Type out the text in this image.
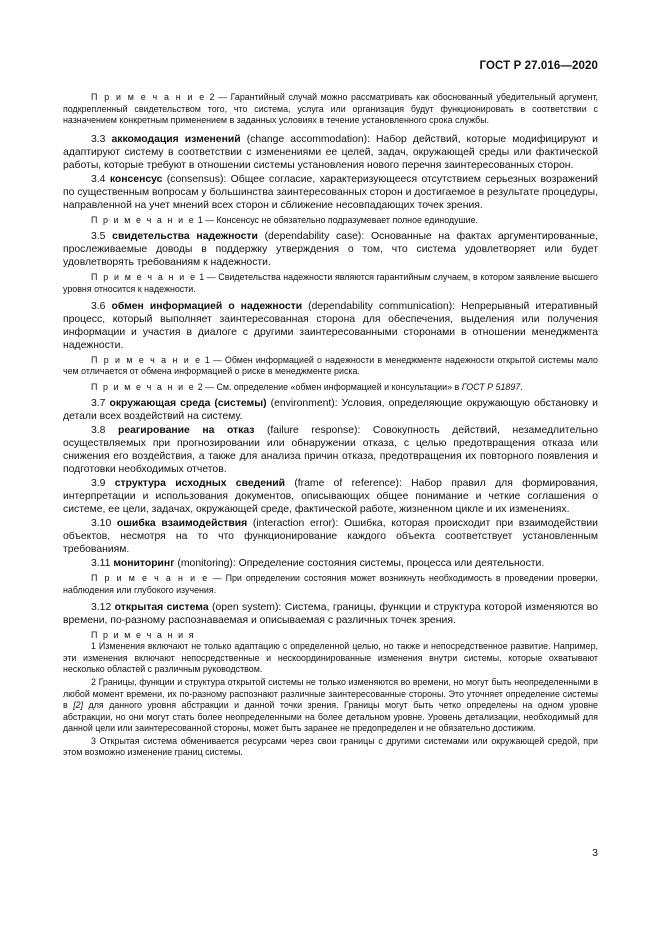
ГОСТ Р 27.016—2020

П р и м е ч а н и е 2 — Гарантийный случай можно рассматривать как обоснованный убедительный аргумент, подкрепленный свидетельством того, что система, услуга или организация будут функционировать в соответствии с назначением конкретным применением в заданных условиях в течение установленного срока службы.

3.3 аккомодация изменений (change accommodation): Набор действий, которые модифицируют и адаптируют систему в соответствии с изменениями ее целей, задач, окружающей среды или фактической работы, которые требуют в отношении системы установления нового перечня заинтересованных сторон.

3.4 консенсус (consensus): Общее согласие, характеризующееся отсутствием серьезных возражений по существенным вопросам у большинства заинтересованных сторон и достигаемое в результате процедуры, направленной на учет мнений всех сторон и сближение несовпадающих точек зрения.

П р и м е ч а н и е 1 — Консенсус не обязательно подразумевает полное единодушие.

3.5 свидетельства надежности (dependability case): Основанные на фактах аргументированные, прослеживаемые доводы в поддержку утверждения о том, что система удовлетворяет или будет удовлетворять требованиям к надежности.

П р и м е ч а н и е 1 — Свидетельства надежности являются гарантийным случаем, в котором заявление высшего уровня относится к надежности.

3.6 обмен информацией о надежности (dependability communication): Непрерывный итеративный процесс, который выполняет заинтересованная сторона для обеспечения, выделения или получения информации и участия в диалоге с другими заинтересованными сторонами в отношении менеджмента надежности.

П р и м е ч а н и е 1 — Обмен информацией о надежности в менеджменте надежности открытой системы мало чем отличается от обмена информацией о риске в менеджменте риска.

П р и м е ч а н и е 2 — См. определение «обмен информацией и консультации» в ГОСТ Р 51897.

3.7 окружающая среда (системы) (environment): Условия, определяющие окружающую обстановку и детали всех воздействий на систему.

3.8 реагирование на отказ (failure response): Совокупность действий, незамедлительно осуществляемых при прогнозировании или обнаружении отказа, с целью предотвращения отказа или снижения его воздействия, а также для анализа причин отказа, предотвращения их повторного появления и подготовки необходимых отчетов.

3.9 структура исходных сведений (frame of reference): Набор правил для формирования, интерпретации и использования документов, описывающих общее понимание и четкие соглашения о системе, ее цели, задачах, окружающей среде, фактической работе, жизненном цикле и их изменениях.

3.10 ошибка взаимодействия (interaction error): Ошибка, которая происходит при взаимодействии объектов, несмотря на то что функционирование каждого объекта соответствует установленным требованиям.

3.11 мониторинг (monitoring): Определение состояния системы, процесса или деятельности.

П р и м е ч а н и е — При определении состояния может возникнуть необходимость в проведении проверки, наблюдения или глубокого изучения.

3.12 открытая система (open system): Система, границы, функции и структура которой изменяются во времени, по-разному распознаваемая и описываемая с различных точек зрения.

П р и м е ч а н и я

1 Изменения включают не только адаптацию с определенной целью, но также и непосредственное развитие. Например, эти изменения включают непосредственные и нескоординированные изменения внутри системы, которые охватывают несколько областей с различным руководством.

2 Границы, функции и структура открытой системы не только изменяются во времени, но могут быть неопределенными в любой момент времени, их по-разному распознают различные заинтересованные стороны. Это уточняет определение системы в [2] для данного уровня абстракции и данной точки зрения. Границы могут быть четко определены на одном уровне абстракции, но они могут стать более неопределенными на более детальном уровне. Уровень детализации, необходимый для данной цели или заинтересованной стороны, может быть заранее не предопределен и не обязательно достижим.

3 Открытая система обменивается ресурсами через свои границы с другими системами или окружающей средой, при этом возможно изменение границ системы.

3
